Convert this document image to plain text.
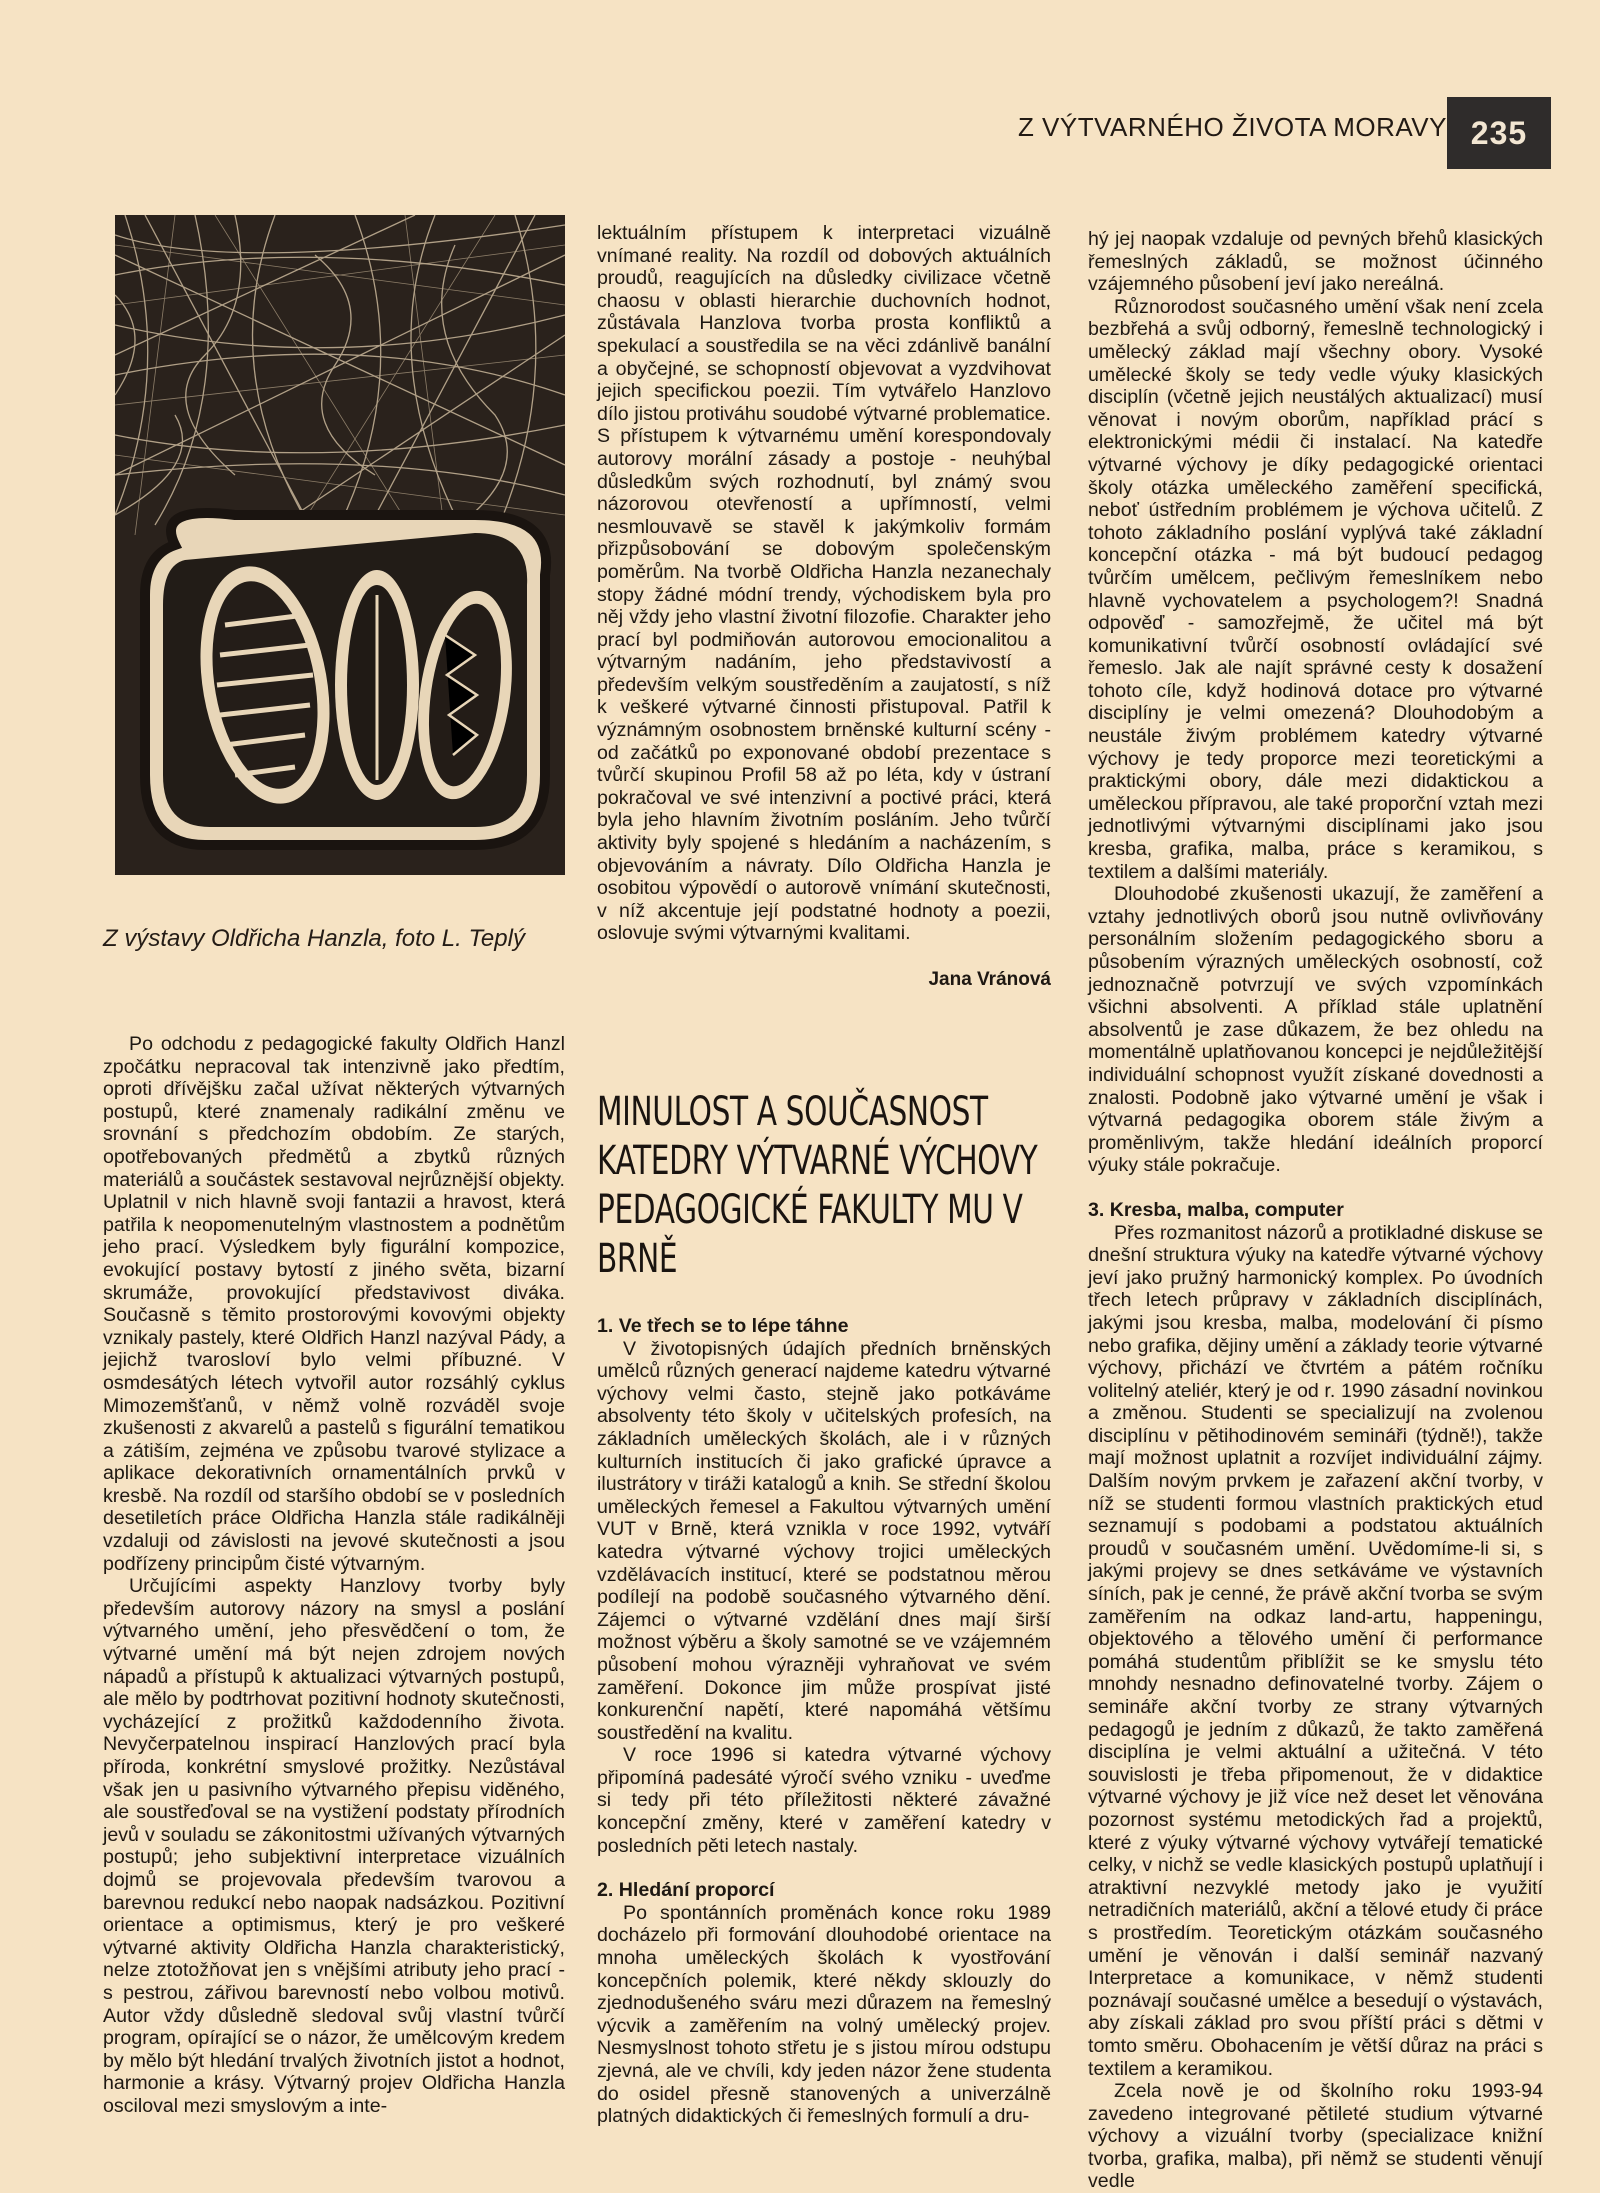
Z VÝTVARNÉHO ŽIVOTA MORAVY 235
Z výstavy Oldřicha Hanzla, foto L. Teplý

Po odchodu z pedagogické fakulty Oldřich Hanzl zpočátku nepracoval tak intenzivně jako předtím, oproti dřívějšku začal užívat některých výtvarných postupů, které znamenaly radikální změnu ve srovnání s předchozím obdobím. Ze starých, opotřebovaných předmětů a zbytků různých materiálů a součástek sestavoval nejrůznější objekty. Uplatnil v nich hlavně svoji fantazii a hravost, která patřila k neopomenutelným vlastnostem a podnětům jeho prací. Výsledkem byly figurální kompozice, evokující postavy bytostí z jiného světa, bizarní skrumáže, provokující představivost diváka. Současně s těmito prostorovými kovovými objekty vznikaly pastely, které Oldřich Hanzl nazýval Pády, a jejichž tvarosloví bylo velmi příbuzné. V osmdesátých létech vytvořil autor rozsáhlý cyklus Mimozemšťanů, v němž volně rozváděl svoje zkušenosti z akvarelů a pastelů s figurální tematikou a zátiším, zejména ve způsobu tvarové stylizace a aplikace dekorativních ornamentálních prvků v kresbě. Na rozdíl od staršího období se v posledních desetiletích práce Oldřicha Hanzla stále radikálněji vzdaluji od závislosti na jevové skutečnosti a jsou podřízeny principům čisté výtvarným.

Určujícími aspekty Hanzlovy tvorby byly především autorovy názory na smysl a poslání výtvarného umění, jeho přesvědčení o tom, že výtvarné umění má být nejen zdrojem nových nápadů a přístupů k aktualizaci výtvarných postupů, ale mělo by podtrhovat pozitivní hodnoty skutečnosti, vycházející z prožitků každodenního života. Nevyčerpatelnou inspirací Hanzlových prací byla příroda, konkrétní smyslové prožitky. Nezůstával však jen u pasivního výtvarného přepisu viděného, ale soustřeďoval se na vystižení podstaty přírodních jevů v souladu se zákonitostmi užívaných výtvarných postupů; jeho subjektivní interpretace vizuálních dojmů se projevovala především tvarovou a barevnou redukcí nebo naopak nadsázkou. Pozitivní orientace a optimismus, který je pro veškeré výtvarné aktivity Oldřicha Hanzla charakteristický, nelze ztotožňovat jen s vnějšími atributy jeho prací - s pestrou, zářivou barevností nebo volbou motivů. Autor vždy důsledně sledoval svůj vlastní tvůrčí program, opírající se o názor, že umělcovým kredem by mělo být hledání trvalých životních jistot a hodnot, harmonie a krásy. Výtvarný projev Oldřicha Hanzla osciloval mezi smyslovým a inte-

lektuálním přístupem k interpretaci vizuálně vnímané reality. Na rozdíl od dobových aktuálních proudů, reagujících na důsledky civilizace včetně chaosu v oblasti hierarchie duchovních hodnot, zůstávala Hanzlova tvorba prosta konfliktů a spekulací a soustředila se na věci zdánlivě banální a obyčejné, se schopností objevovat a vyzdvihovat jejich specifickou poezii. Tím vytvářelo Hanzlovo dílo jistou protiváhu soudobé výtvarné problematice. S přístupem k výtvarnému umění korespondovaly autorovy morální zásady a postoje - neuhýbal důsledkům svých rozhodnutí, byl známý svou názorovou otevřeností a upřímností, velmi nesmlouvavě se stavěl k jakýmkoliv formám přizpůsobování se dobovým společenským poměrům. Na tvorbě Oldřicha Hanzla nezanechaly stopy žádné módní trendy, východiskem byla pro něj vždy jeho vlastní životní filozofie. Charakter jeho prací byl podmiňován autorovou emocionalitou a výtvarným nadáním, jeho představivostí a především velkým soustředěním a zaujatostí, s níž k veškeré výtvarné činnosti přistupoval. Patřil k význámným osobnostem brněnské kulturní scény - od začátků po exponované období prezentace s tvůrčí skupinou Profil 58 až po léta, kdy v ústraní pokračoval ve své intenzivní a poctivé práci, která byla jeho hlavním životním posláním. Jeho tvůrčí aktivity byly spojené s hledáním a nacházením, s objevováním a návraty. Dílo Oldřicha Hanzla je osobitou výpovědí o autorově vnímání skutečnosti, v níž akcentuje její podstatné hodnoty a poezii, oslovuje svými výtvarnými kvalitami.

Jana Vránová
MINULOST A SOUČASNOST KATEDRY VÝTVARNÉ VÝCHOVY PEDAGOGICKÉ FAKULTY MU V BRNĚ

1. Ve třech se to lépe táhne

V životopisných údajích předních brněnských umělců různých generací najdeme katedru výtvarné výchovy velmi často, stejně jako potkáváme absolventy této školy v učitelských profesích, na základních uměleckých školách, ale i v různých kulturních institucích či jako grafické úpravce a ilustrátory v tiráži katalogů a knih. Se střední školou uměleckých řemesel a Fakultou výtvarných umění VUT v Brně, která vznikla v roce 1992, vytváří katedra výtvarné výchovy trojici uměleckých vzdělávacích institucí, které se podstatnou měrou podílejí na podobě současného výtvarného dění. Zájemci o výtvarné vzdělání dnes mají širší možnost výběru a školy samotné se ve vzájemném působení mohou výrazněji vyhraňovat ve svém zaměření. Dokonce jim může prospívat jisté konkurenční napětí, které napomáhá většímu soustředění na kvalitu.

V roce 1996 si katedra výtvarné výchovy připomíná padesáté výročí svého vzniku - uveďme si tedy při této příležitosti některé závažné koncepční změny, které v zaměření katedry v posledních pěti letech nastaly.

2. Hledání proporcí

Po spontánních proměnách konce roku 1989 docházelo při formování dlouhodobé orientace na mnoha uměleckých školách k vyostřování koncepčních polemik, které někdy sklouzly do zjednodušeného sváru mezi důrazem na řemeslný výcvik a zaměřením na volný umělecký projev. Nesmyslnost tohoto střetu je s jistou mírou odstupu zjevná, ale ve chvíli, kdy jeden názor žene studenta do osidel přesně stanovených a univerzálně platných didaktických či řemeslných formulí a dru-

hý jej naopak vzdaluje od pevných břehů klasických řemeslných základů, se možnost účinného vzájemného působení jeví jako nereálná.

Různorodost současného umění však není zcela bezbřehá a svůj odborný, řemeslně technologický i umělecký základ mají všechny obory. Vysoké umělecké školy se tedy vedle výuky klasických disciplín (včetně jejich neustálých aktualizací) musí věnovat i novým oborům, například prácí s elektronickými médii či instalací. Na katedře výtvarné výchovy je díky pedagogické orientaci školy otázka uměleckého zaměření specifická, neboť ústředním problémem je výchova učitelů. Z tohoto základního poslání vyplývá také základní koncepční otázka - má být budoucí pedagog tvůrčím umělcem, pečlivým řemeslníkem nebo hlavně vychovatelem a psychologem?! Snadná odpověď - samozřejmě, že učitel má být komunikativní tvůrčí osobností ovládající své řemeslo. Jak ale najít správné cesty k dosažení tohoto cíle, když hodinová dotace pro výtvarné disciplíny je velmi omezená? Dlouhodobým a neustále živým problémem katedry výtvarné výchovy je tedy proporce mezi teoretickými a praktickými obory, dále mezi didaktickou a uměleckou přípravou, ale také proporční vztah mezi jednotlivými výtvarnými disciplínami jako jsou kresba, grafika, malba, práce s keramikou, s textilem a dalšími materiály.

Dlouhodobé zkušenosti ukazují, že zaměření a vztahy jednotlivých oborů jsou nutně ovlivňovány personálním složením pedagogického sboru a působením výrazných uměleckých osobností, což jednoznačně potvrzují ve svých vzpomínkách všichni absolventi. A příklad stále uplatnění absolventů je zase důkazem, že bez ohledu na momentálně uplatňovanou koncepci je nejdůležitější individuální schopnost využít získané dovednosti a znalosti. Podobně jako výtvarné umění je však i výtvarná pedagogika oborem stále živým a proměnlivým, takže hledání ideálních proporcí výuky stále pokračuje.

3. Kresba, malba, computer

Přes rozmanitost názorů a protikladné diskuse se dnešní struktura výuky na katedře výtvarné výchovy jeví jako pružný harmonický komplex. Po úvodních třech letech průpravy v základních disciplínách, jakými jsou kresba, malba, modelování či písmo nebo grafika, dějiny umění a základy teorie výtvarné výchovy, přichází ve čtvrtém a pátém ročníku volitelný ateliér, který je od r. 1990 zásadní novinkou a změnou. Studenti se specializují na zvolenou disciplínu v pětihodinovém semináři (týdně!), takže mají možnost uplatnit a rozvíjet individuální zájmy. Dalším novým prvkem je zařazení akční tvorby, v níž se studenti formou vlastních praktických etud seznamují s podobami a podstatou aktuálních proudů v současném umění. Uvědomíme-li si, s jakými projevy se dnes setkáváme ve výstavních síních, pak je cenné, že právě akční tvorba se svým zaměřením na odkaz land-artu, happeningu, objektového a tělového umění či performance pomáhá studentům přiblížit se ke smyslu této mnohdy nesnadno definovatelné tvorby. Zájem o semináře akční tvorby ze strany výtvarných pedagogů je jedním z důkazů, že takto zaměřená disciplína je velmi aktuální a užitečná. V této souvislosti je třeba připomenout, že v didaktice výtvarné výchovy je již více než deset let věnována pozornost systému metodických řad a projektů, které z výuky výtvarné výchovy vytvářejí tematické celky, v nichž se vedle klasických postupů uplatňují i atraktivní nezvyklé metody jako je využití netradičních materiálů, akční a tělové etudy či práce s prostředím. Teoretickým otázkám současného umění je věnován i další seminář nazvaný Interpretace a komunikace, v němž studenti poznávají současné umělce a besedují o výstavách, aby získali základ pro svou příští práci s dětmi v tomto směru. Obohacením je větší důraz na práci s textilem a keramikou.

Zcela nově je od školního roku 1993-94 zavedeno integrované pětileté studium výtvarné výchovy a vizuální tvorby (specializace knižní tvorba, grafika, malba), při němž se studenti věnují vedle
